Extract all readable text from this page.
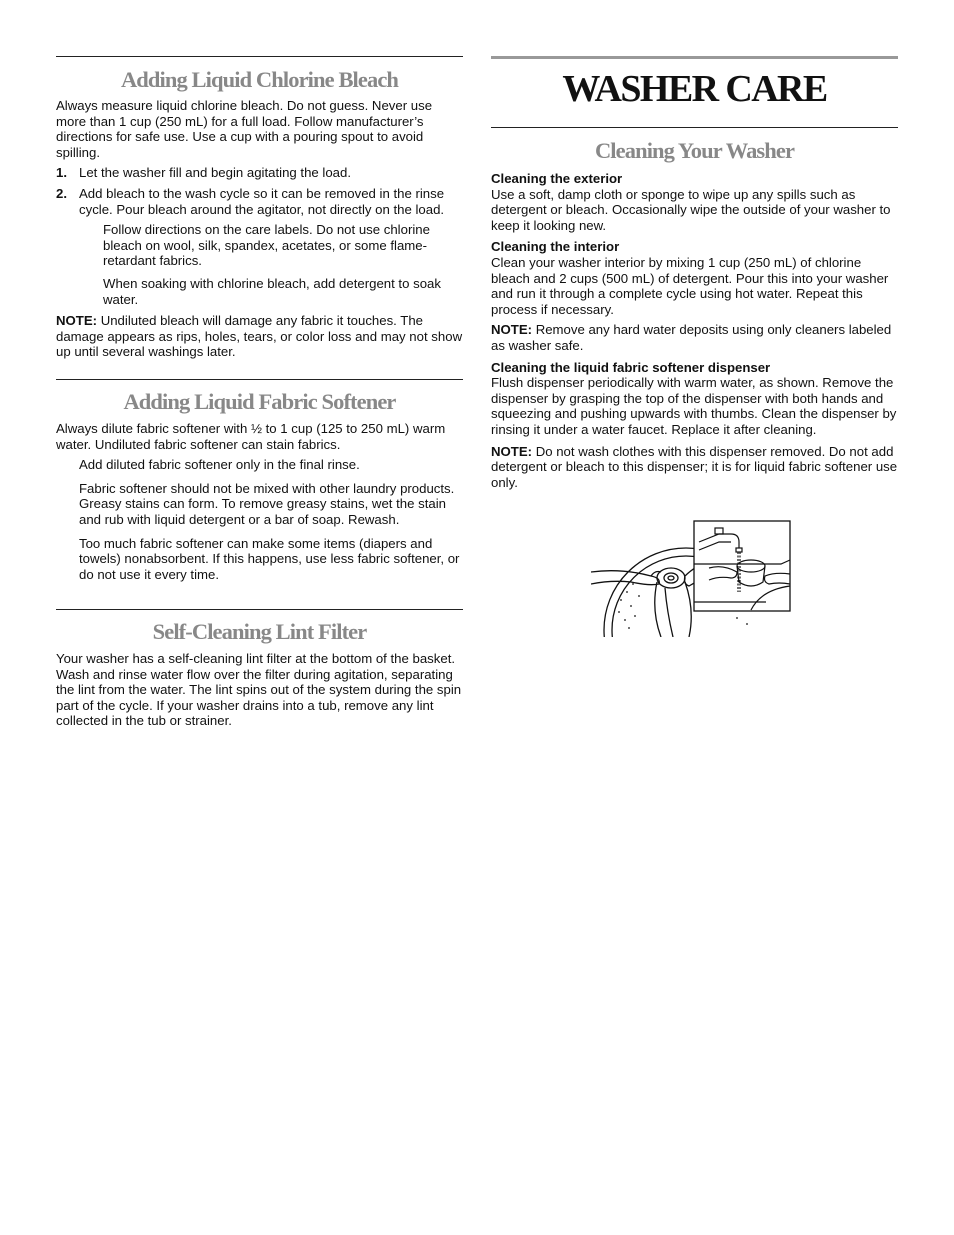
Adding Liquid Chlorine Bleach

Always measure liquid chlorine bleach. Do not guess. Never use more than 1 cup (250 mL) for a full load. Follow manufacturer’s directions for safe use. Use a cup with a pouring spout to avoid spilling.

1. Let the washer fill and begin agitating the load.
2. Add bleach to the wash cycle so it can be removed in the rinse cycle. Pour bleach around the agitator, not directly on the load.

Follow directions on the care labels. Do not use chlorine bleach on wool, silk, spandex, acetates, or some flame-retardant fabrics.

When soaking with chlorine bleach, add detergent to soak water.

NOTE: Undiluted bleach will damage any fabric it touches. The damage appears as rips, holes, tears, or color loss and may not show up until several washings later.

Adding Liquid Fabric Softener

Always dilute fabric softener with ½ to 1 cup (125 to 250 mL) warm water. Undiluted fabric softener can stain fabrics.

Add diluted fabric softener only in the final rinse.

Fabric softener should not be mixed with other laundry products. Greasy stains can form. To remove greasy stains, wet the stain and rub with liquid detergent or a bar of soap. Rewash.

Too much fabric softener can make some items (diapers and towels) nonabsorbent. If this happens, use less fabric softener, or do not use it every time.

Self-Cleaning Lint Filter

Your washer has a self-cleaning lint filter at the bottom of the basket. Wash and rinse water flow over the filter during agitation, separating the lint from the water. The lint spins out of the system during the spin part of the cycle. If your washer drains into a tub, remove any lint collected in the tub or strainer.

WASHER CARE
Cleaning Your Washer

Cleaning the exterior

Use a soft, damp cloth or sponge to wipe up any spills such as detergent or bleach. Occasionally wipe the outside of your washer to keep it looking new.

Cleaning the interior

Clean your washer interior by mixing 1 cup (250 mL) of chlorine bleach and 2 cups (500 mL) of detergent. Pour this into your washer and run it through a complete cycle using hot water. Repeat this process if necessary.

NOTE: Remove any hard water deposits using only cleaners labeled as washer safe.

Cleaning the liquid fabric softener dispenser

Flush dispenser periodically with warm water, as shown. Remove the dispenser by grasping the top of the dispenser with both hands and squeezing and pushing upwards with thumbs. Clean the dispenser by rinsing it under a water faucet. Replace it after cleaning.

NOTE: Do not wash clothes with this dispenser removed. Do not add detergent or bleach to this dispenser; it is for liquid fabric softener use only.
